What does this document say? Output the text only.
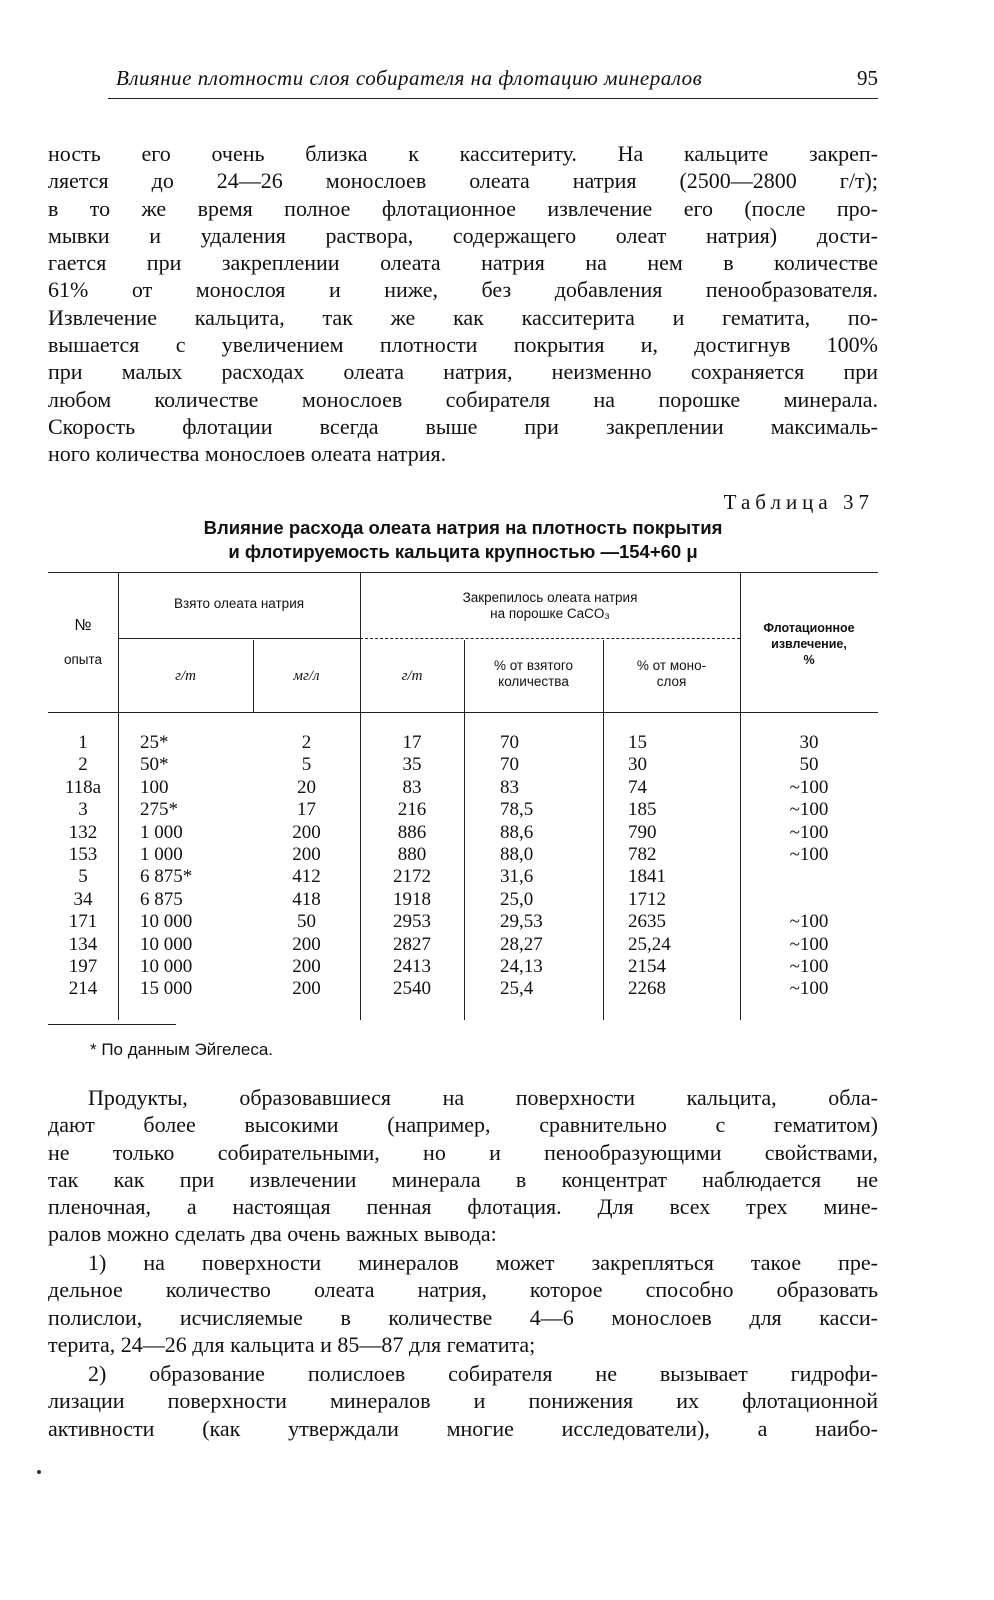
Влияние плотности слоя собирателя на флотацию минералов	95
ность его очень близка к касситериту. На кальците закреп-
ляется до 24—26 монослоев олеата натрия (2500—2800 г/т);
в то же время полное флотационное извлечение его (после про-
мывки и удаления раствора, содержащего олеат натрия) дости-
гается при закреплении олеата натрия на нем в количестве
61% от монослоя и ниже, без добавления пенообразователя.
Извлечение кальцита, так же как касситерита и гематита, по-
вышается с увеличением плотности покрытия и, достигнув 100%
при малых расходах олеата натрия, неизменно сохраняется при
любом количестве монослоев собирателя на порошке минерала.
Скорость флотации всегда выше при закреплении максималь-
ного количества монослоев олеата натрия.
Таблица 37
Влияние расхода олеата натрия на плотность покрытия
и флотируемость кальцита крупностью —154+60 μ
№
опыта
Взято олеата натрия
г/т	мг/л
Закрепилось олеата натрия
на порошке CaCO₃
г/т
% от взятого
количества
% от моно-
слоя
Флотационное
извлечение,
%
1	25*	2	17	70	15	30
2	50*	5	35	70	30	50
118а	100	20	83	83	74	~100
3	275*	17	216	78,5	185	~100
132	1 000	200	886	88,6	790	~100
153	1 000	200	880	88,0	782	~100
5	6 875*	412	2172	31,6	1841
34	6 875	418	1918	25,0	1712
171	10 000	50	2953	29,53	2635	~100
134	10 000	200	2827	28,27	25,24	~100
197	10 000	200	2413	24,13	2154	~100
214	15 000	200	2540	25,4	2268	~100
* По данным Эйгелеса.
Продукты, образовавшиеся на поверхности кальцита, обла-
дают более высокими (например, сравнительно с гематитом)
не только собирательными, но и пенообразующими свойствами,
так как при извлечении минерала в концентрат наблюдается не
пленочная, а настоящая пенная флотация. Для всех трех мине-
ралов можно сделать два очень важных вывода:
1) на поверхности минералов может закрепляться такое пре-
дельное количество олеата натрия, которое способно образовать
полислои, исчисляемые в количестве 4—6 монослоев для касси-
терита, 24—26 для кальцита и 85—87 для гематита;
2) образование полислоев собирателя не вызывает гидрофи-
лизации поверхности минералов и понижения их флотационной
активности (как утверждали многие исследователи), а наибо-
